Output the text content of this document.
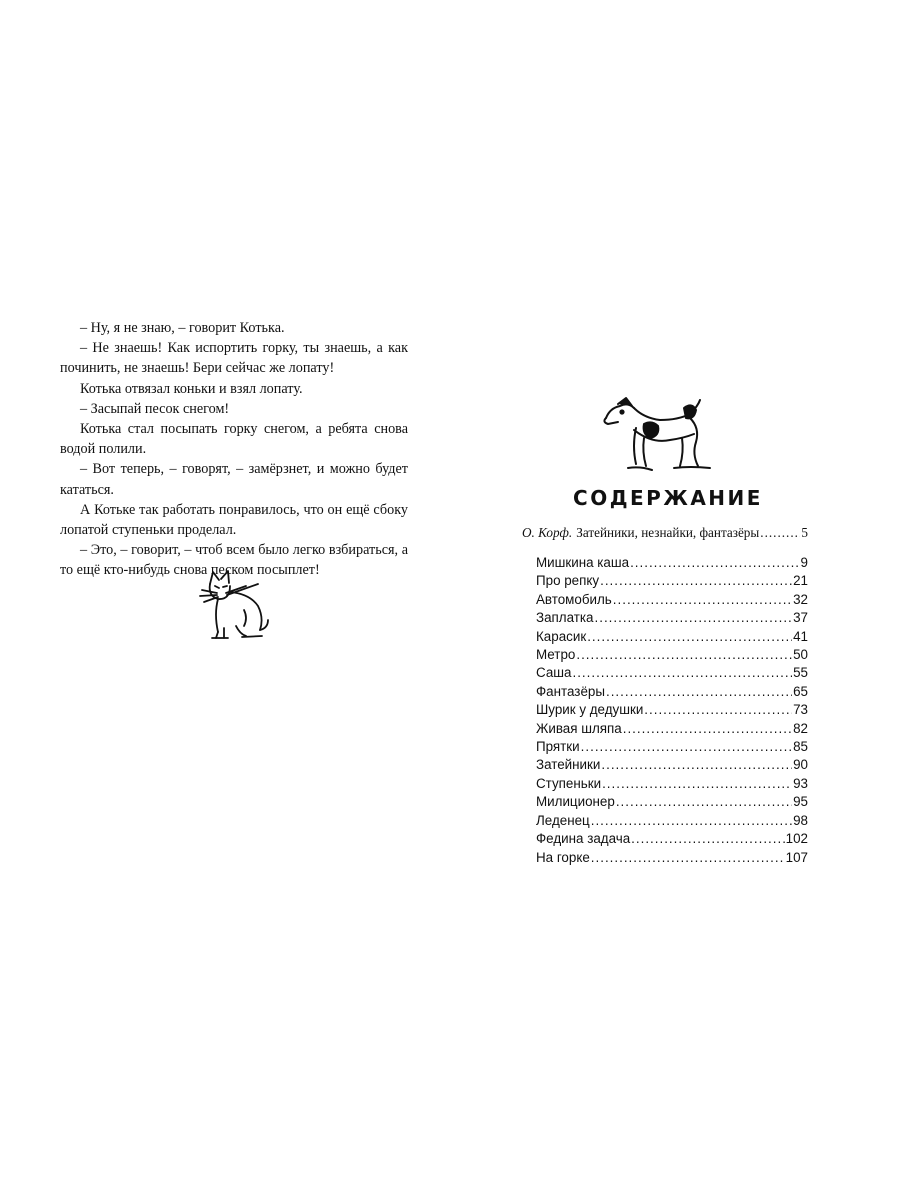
– Ну, я не знаю, – говорит Котька.

– Не знаешь! Как испортить горку, ты знаешь, а как починить, не знаешь! Бери сейчас же лопату!

Котька отвязал коньки и взял лопату.

– Засыпай песок снегом!

Котька стал посыпать горку снегом, а ребята снова водой полили.

– Вот теперь, – говорят, – замёрзнет, и можно будет кататься.

А Котьке так работать понравилось, что он ещё сбоку лопатой ступеньки проделал.

– Это, – говорит, – чтоб всем было легко взбираться, а то ещё кто-нибудь снова песком посыплет!

СОДЕРЖАНИЕ
О. Корф. Затейники, незнайки, фантазёры .....	5
Мишкина каша .....	9
Про репку .....	21
Автомобиль .....	32
Заплатка .....	37
Карасик .....	41
Метро .....	50
Саша .....	55
Фантазёры .....	65
Шурик у дедушки .....	73
Живая шляпа .....	82
Прятки .....	85
Затейники .....	90
Ступеньки .....	93
Милиционер .....	95
Леденец .....	98
Федина задача .....	102
На горке .....	107
